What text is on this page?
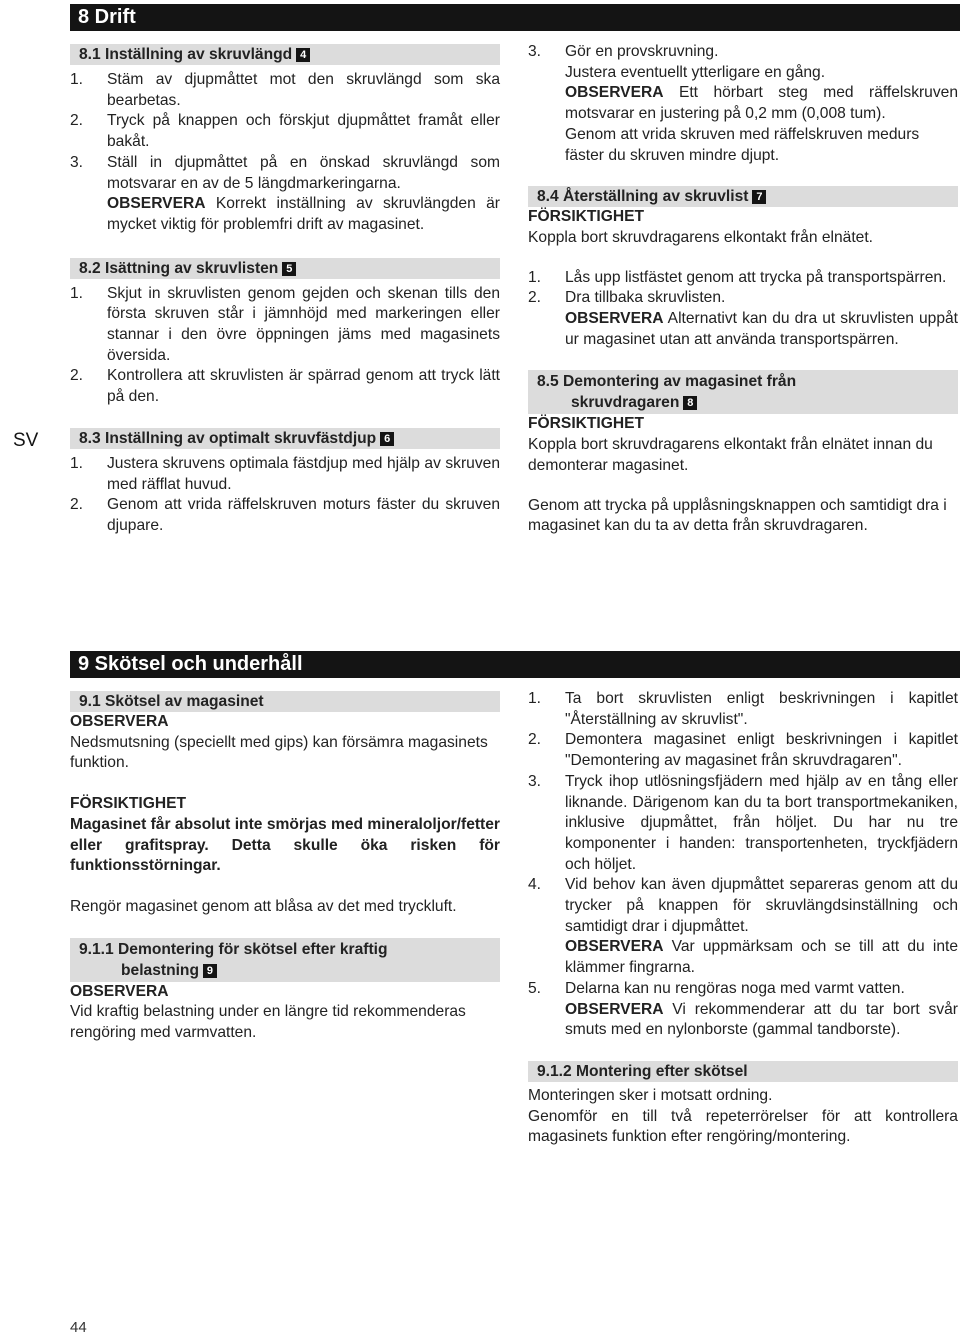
8 Drift
SV
8.1 Inställning av skruvlängd 4
1.	Stäm av djupmåttet mot den skruvlängd som ska bearbetas.
2.	Tryck på knappen och förskjut djupmåttet framåt eller bakåt.
3.	Ställ in djupmåttet på en önskad skruvlängd som motsvarar en av de 5 längdmarkeringarna.

OBSERVERA Korrekt inställning av skruvlängden är mycket viktig för problemfri drift av magasinet.

8.2 Isättning av skruvlisten 5
1.	Skjut in skruvlisten genom gejden och skenan tills den första skruven står i jämnhöjd med markeringen eller stannar i den övre öppningen jäms med magasinets översida.
2.	Kontrollera att skruvlisten är spärrad genom att tryck lätt på den.
8.3 Inställning av optimalt skruvfästdjup 6
1.	Justera skruvens optimala fästdjup med hjälp av skruven med räfflat huvud.
2.	Genom att vrida räffelskruven moturs fäster du skruven djupare.
3.	Gör en provskruvning.

Justera eventuellt ytterligare en gång.

OBSERVERA Ett hörbart steg med räffelskruven motsvarar en justering på 0,2 mm (0,008 tum).

Genom att vrida skruven med räffelskruven medurs fäster du skruven mindre djupt.

8.4 Återställning av skruvlist 7

FÖRSIKTIGHET

Koppla bort skruvdragarens elkontakt från elnätet.

1.	Lås upp listfästet genom att trycka på transportspärren.
2.	Dra tillbaka skruvlisten.

OBSERVERA Alternativt kan du dra ut skruvlisten uppåt ur magasinet utan att använda transportspärren.

8.5 Demontering av magasinet från
skruvdragaren 8

FÖRSIKTIGHET

Koppla bort skruvdragarens elkontakt från elnätet innan du demonterar magasinet.

Genom att trycka på upplåsningsknappen och samtidigt dra i magasinet kan du ta av detta från skruvdragaren.

9 Skötsel och underhåll
9.1 Skötsel av magasinet

OBSERVERA

Nedsmutsning (speciellt med gips) kan försämra magasinets funktion.

FÖRSIKTIGHET

Magasinet får absolut inte smörjas med mineraloljor/fetter eller grafitspray. Detta skulle öka risken för funktionsstörningar.

Rengör magasinet genom att blåsa av det med tryckluft.

9.1.1 Demontering för skötsel efter kraftig
belastning 9

OBSERVERA

Vid kraftig belastning under en längre tid rekommenderas rengöring med varmvatten.

1.	Ta bort skruvlisten enligt beskrivningen i kapitlet "Återställning av skruvlist".
2.	Demontera magasinet enligt beskrivningen i kapitlet "Demontering av magasinet från skruvdragaren".
3.	Tryck ihop utlösningsfjädern med hjälp av en tång eller liknande. Därigenom kan du ta bort transportmekaniken, inklusive djupmåttet, från höljet. Du har nu tre komponenter i handen: transportenheten, tryckfjädern och höljet.
4.	Vid behov kan även djupmåttet separeras genom att du trycker på knappen för skruvlängdsinställning och samtidigt drar i djupmåttet.

OBSERVERA Var uppmärksam och se till att du inte klämmer fingrarna.

5.	Delarna kan nu rengöras noga med varmt vatten.

OBSERVERA Vi rekommenderar att du tar bort svår smuts med en nylonborste (gammal tandborste).

9.1.2 Montering efter skötsel

Monteringen sker i motsatt ordning.

Genomför en till två repeterrörelser för att kontrollera magasinets funktion efter rengöring/montering.

44
